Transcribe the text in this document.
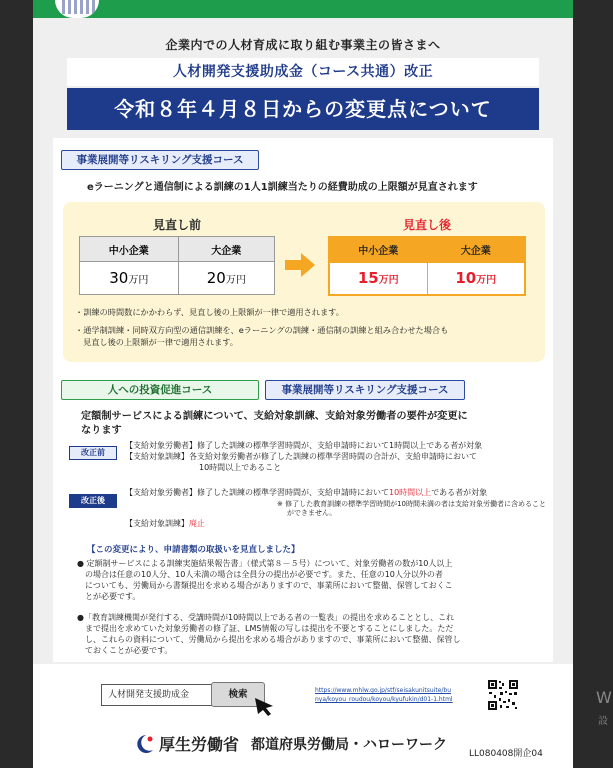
企業内での人材育成に取り組む事業主の皆さまへ
人材開発支援助成金（コース共通）改正
令和８年４月８日からの変更点について
事業展開等リスキリング支援コース
eラーニングと通信制による訓練の1人1訓練当たりの経費助成の上限額が見直されます
見直し前
中小企業	大企業
30万円	20万円
見直し後
中小企業	大企業
15万円	10万円
・訓練の時間数にかかわらず、見直し後の上限額が一律で適用されます。
・通学制訓練・同時双方向型の通信訓練を、eラーニングの訓練・通信制の訓練と組み合わせた場合も
見直し後の上限額が一律で適用されます。
人への投資促進コース	事業展開等リスキリング支援コース
定額制サービスによる訓練について、支給対象訓練、支給対象労働者の要件が変更に
なります
改正前
【支給対象労働者】修了した訓練の標準学習時間が、支給申請時において1時間以上である者が対象
【支給対象訓練】各支給対象労働者が修了した訓練の標準学習時間の合計が、支給申請時において
10時間以上であること
改正後
【支給対象労働者】修了した訓練の標準学習時間が、支給申請時において10時間以上である者が対象
※ 修了した教育訓練の標準学習時間が10時間未満の者は支給対象労働者に含めること
ができません。
【支給対象訓練】廃止
【この変更により、申請書類の取扱いを見直しました】
● 定額制サービスによる訓練実施結果報告書」（様式第８－５号）について、対象労働者の数が10人以上
の場合は任意の10人分、10人未満の場合は全員分の提出が必要です。また、任意の10人分以外の者
についても、労働局から書類提出を求める場合がありますので、事業所において整備、保管しておくこ
とが必要です。
●「教育訓練機関が発行する、受講時間が10時間以上である者の一覧表」の提出を求めることとし、これ
まで提出を求めていた対象労働者の修了証、LMS情報の写しは提出を不要とすることにしました。ただ
し、これらの資料について、労働局から提出を求める場合がありますので、事業所において整備、保管し
ておくことが必要です。
人材開発支援助成金	検索	https://www.mhlw.go.jp/stf/seisakunitsuite/bu
nya/koyou_roudou/koyou/kyufukin/d01-1.html
厚生労働省 都道府県労働局・ハローワーク
LL080408開企04
W
設
